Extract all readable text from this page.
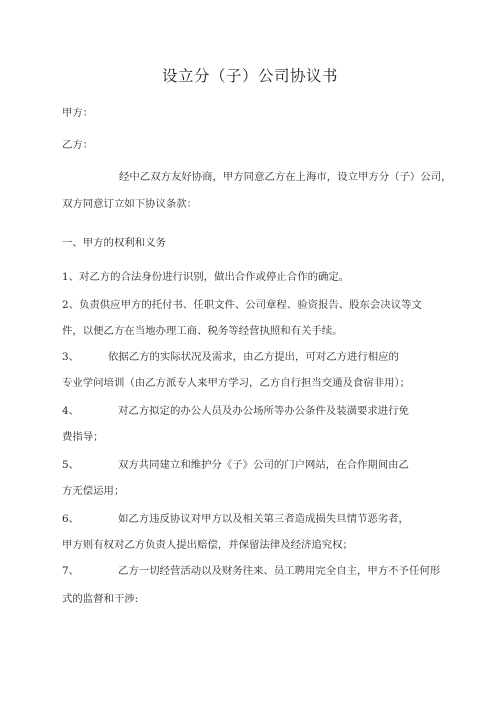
设立分（子）公司协议书
甲方：
乙方：
经中乙双方友好协商，甲方同意乙方在上海市，设立甲方分（子）公司，
双方同意订立如下协议条款：
一、甲方的权利和义务
1、对乙方的合法身份进行识别，做出合作或停止合作的确定。
2、负责供应甲方的托付书、任职文件、公司章程、验资报告、股东会决议等文
件，以便乙方在当地办理工商、税务等经营执照和有关手续。
3、	依据乙方的实际状况及需求，由乙方提出，可对乙方进行相应的
专业学问培训（由乙方派专人来甲方学习，乙方自行担当交通及食宿非用）；
4、	对乙方拟定的办公人员及办公场所等办公条件及装潢要求进行免
费指导；
5、	双方共同建立和维护分《子》公司的门户网站，在合作期间由乙
方无偿运用；
6、	如乙方违反协议对甲方以及相关第三者造成损失旦情节恶劣者，
甲方则有权对乙方负责人提出赔偿，并保留法律及经济追究权；
7、	乙方一切经营活动以及财务往来、员工聘用完全自主，甲方不予任何形
式的监督和干涉:
